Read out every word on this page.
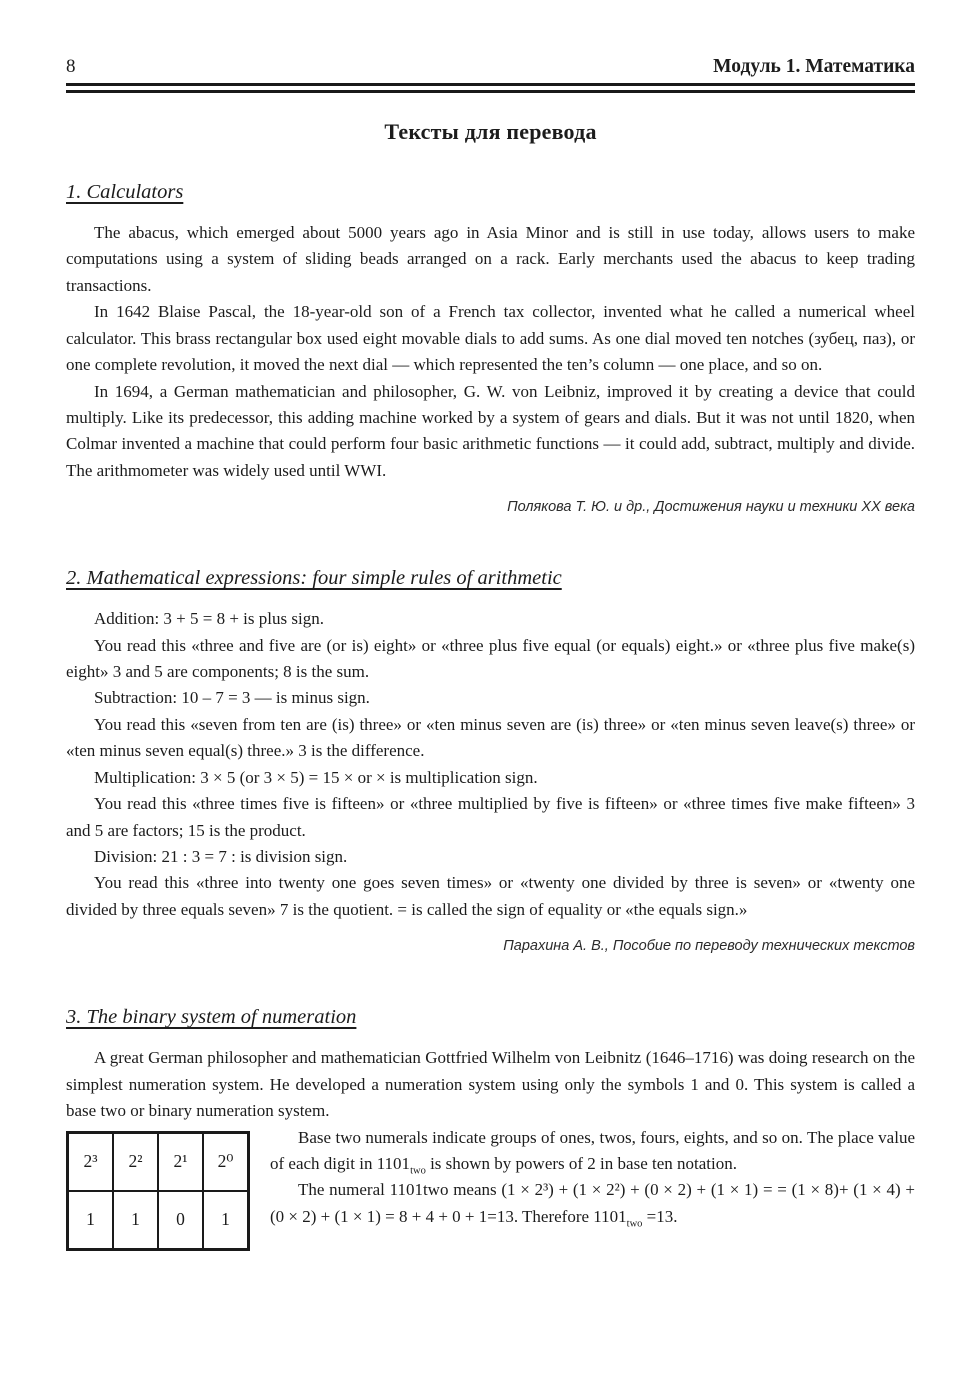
8	Модуль 1. Математика
Тексты для перевода
1. Calculators

The abacus, which emerged about 5000 years ago in Asia Minor and is still in use today, allows users to make computations using a system of sliding beads arranged on a rack. Early merchants used the abacus to keep trading transactions.

In 1642 Blaise Pascal, the 18-year-old son of a French tax collector, invented what he called a numerical wheel calculator. This brass rectangular box used eight movable dials to add sums. As one dial moved ten notches (зубец, паз), or one complete revolution, it moved the next dial — which represented the ten’s column — one place, and so on.

In 1694, a German mathematician and philosopher, G. W. von Leibniz, improved it by creating a device that could multiply. Like its predecessor, this adding machine worked by a system of gears and dials. But it was not until 1820, when Colmar invented a machine that could perform four basic arithmetic functions — it could add, subtract, multiply and divide. The arithmometer was widely used until WWI.

Полякова Т. Ю. и др., Достижения науки и техники XX века

2. Mathematical expressions: four simple rules of arithmetic

Addition: 3 + 5 = 8 + is plus sign.

You read this «three and five are (or is) eight» or «three plus five equal (or equals) eight.» or «three plus five make(s) eight» 3 and 5 are components; 8 is the sum.

Subtraction: 10 – 7 = 3 — is minus sign.

You read this «seven from ten are (is) three» or «ten minus seven are (is) three» or «ten minus seven leave(s) three» or «ten minus seven equal(s) three.» 3 is the difference.

Multiplication: 3 × 5 (or 3 × 5) = 15 × or × is multiplication sign.

You read this «three times five is fifteen» or «three multiplied by five is fifteen» or «three times five make fifteen» 3 and 5 are factors; 15 is the product.

Division: 21 : 3 = 7 : is division sign.

You read this «three into twenty one goes seven times» or «twenty one divided by three is seven» or «twenty one divided by three equals seven» 7 is the quotient. = is called the sign of equality or «the equals sign.»

Парахина А. В., Пособие по переводу технических текстов

3. The binary system of numeration

A great German philosopher and mathematician Gottfried Wilhelm von Leibnitz (1646–1716) was doing research on the simplest numeration system. He developed a numeration system using only the symbols 1 and 0. This system is called a base two or binary numeration system.

2³	2²	2¹	2⁰
1	1	0	1

Base two numerals indicate groups of ones, twos, fours, eights, and so on. The place value of each digit in $1101_{two}$ is shown by powers of 2 in base ten notation.

The numeral 1101two means (1 × 2³) + (1 × 2²) + (0 × 2) + (1 × 1) = = (1 × 8)+ (1 × 4) + (0 × 2) + (1 × 1) = 8 + 4 + 0 + 1=13. Therefore $1101_{two} =13$.
